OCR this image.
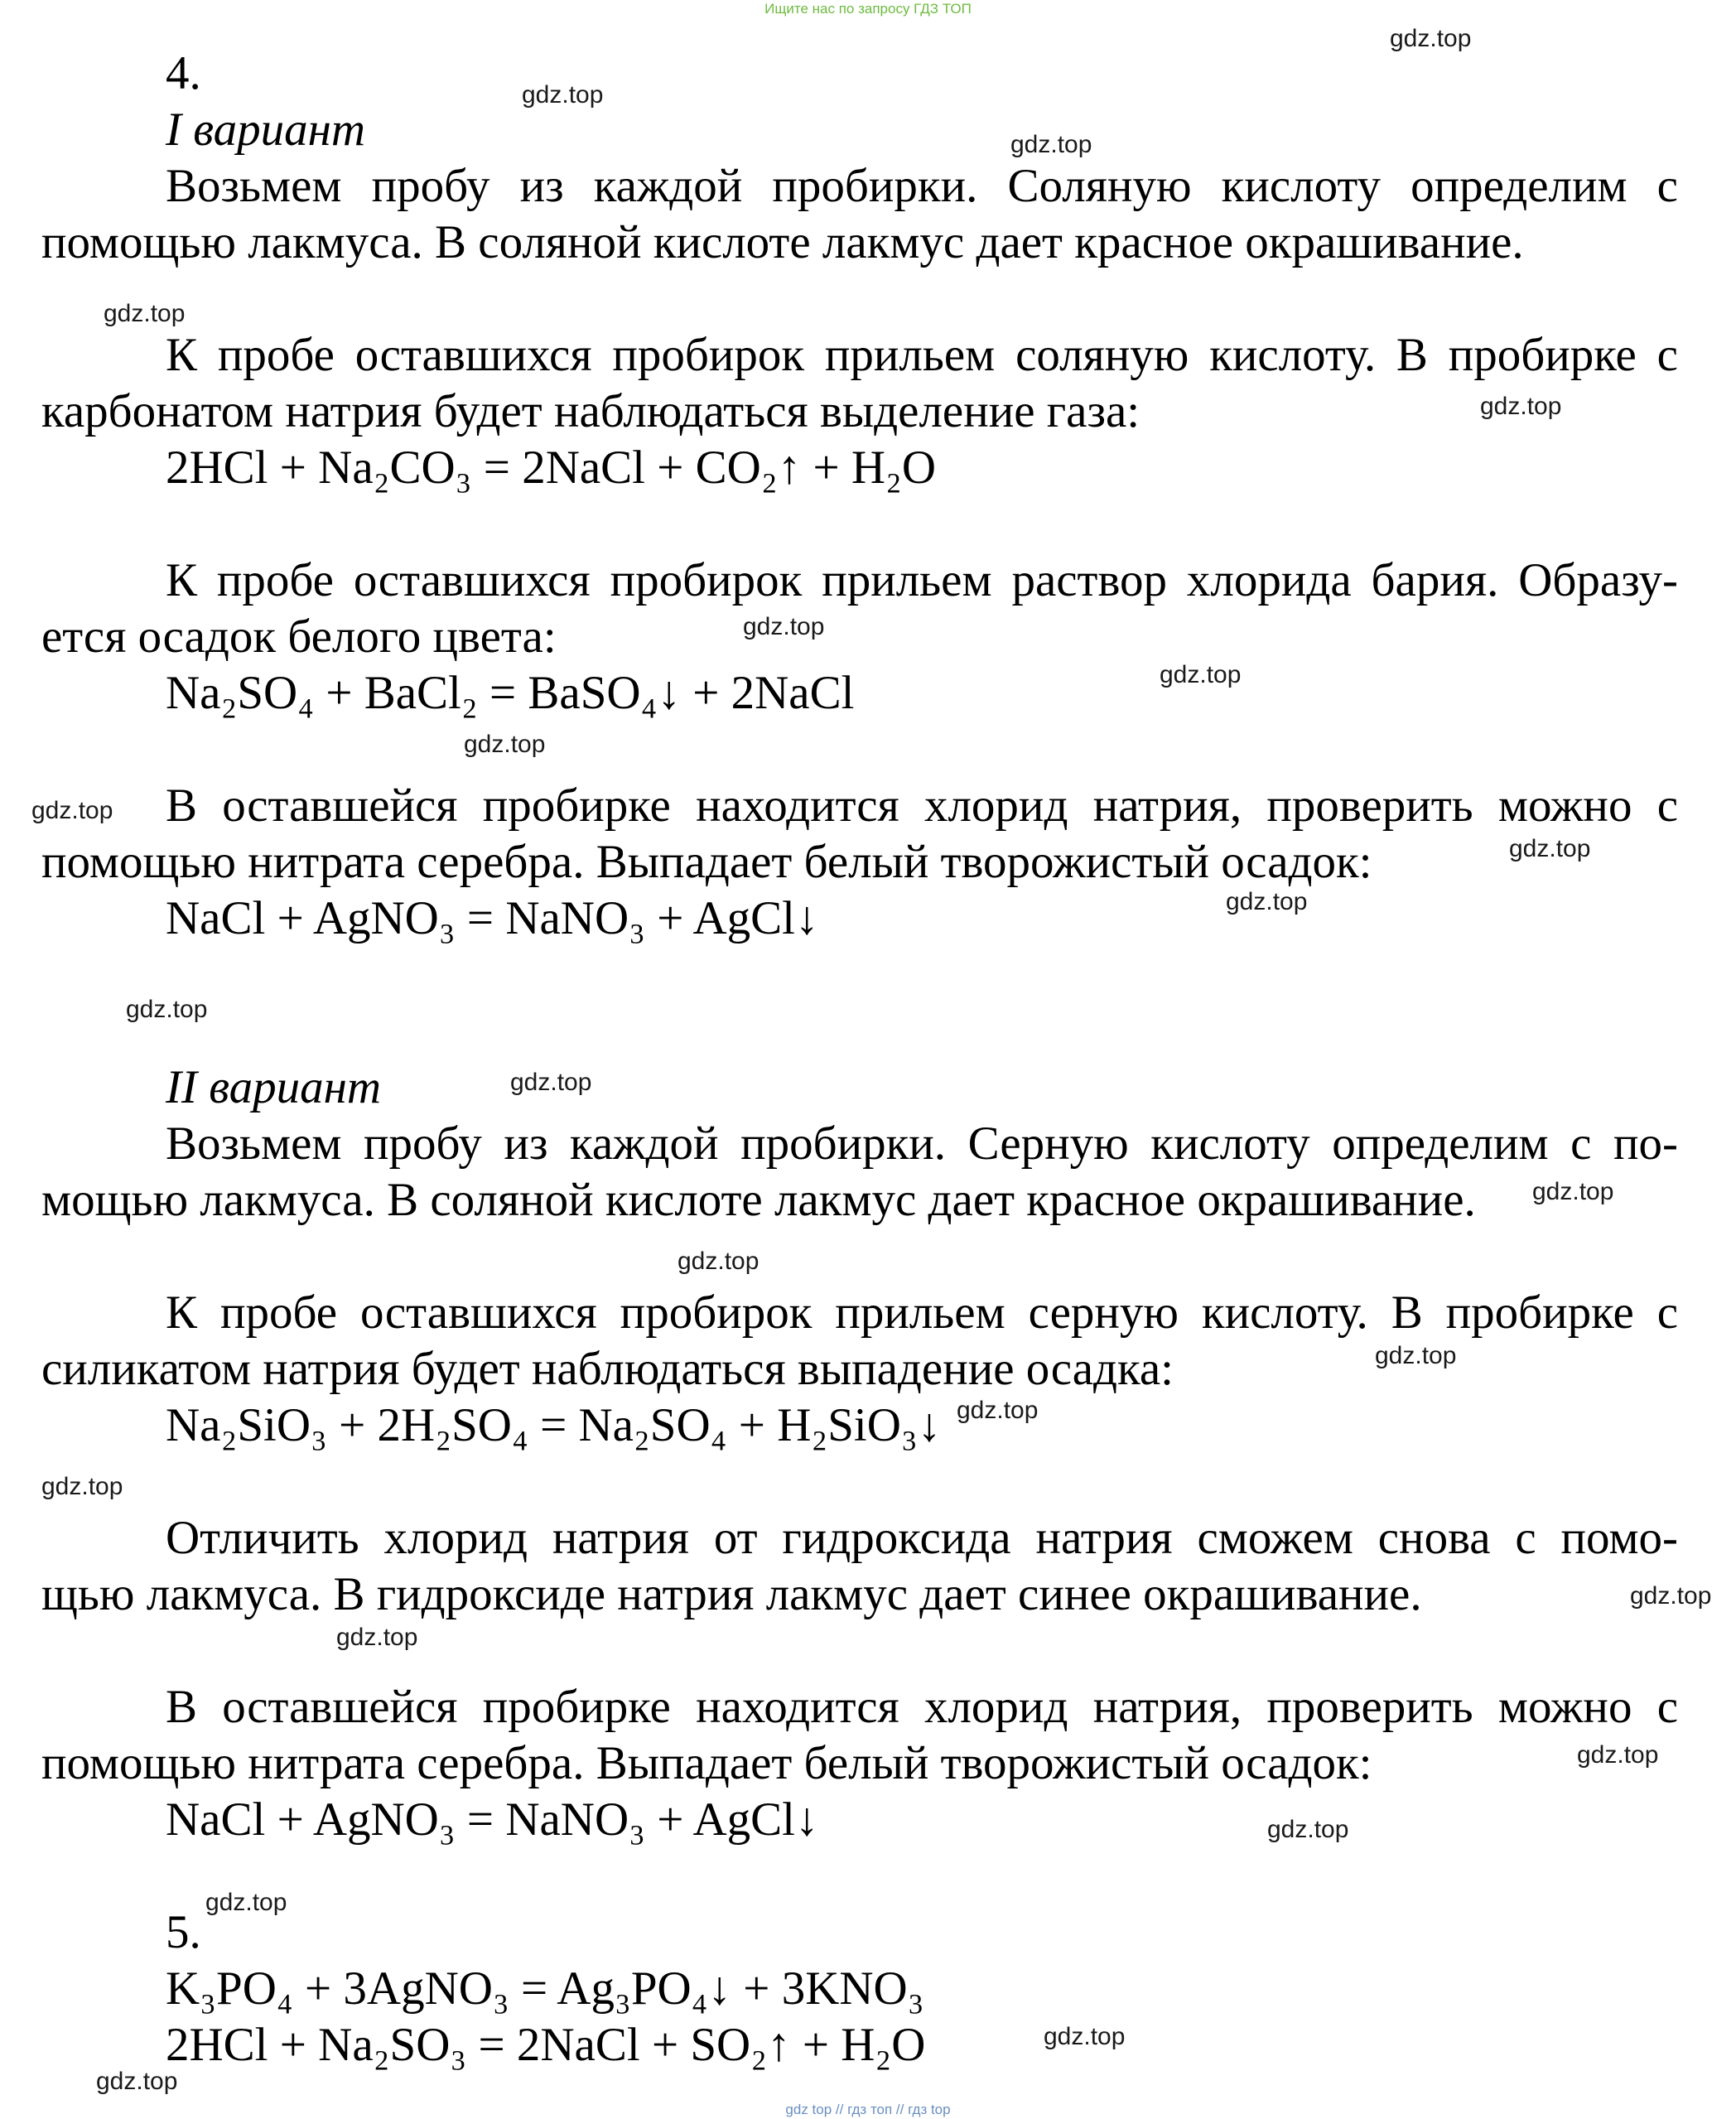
Ищите нас по запросу ГДЗ ТОП
4.
I вариант
Возьмем пробу из каждой пробирки. Соляную кислоту определим с
помощью лакмуса. В соляной кислоте лакмус дает красное окрашивание.
К пробе оставшихся пробирок прильем соляную кислоту. В пробирке с
карбонатом натрия будет наблюдаться выделение газа:
2HCl + Na₂CO₃ = 2NaCl + CO₂↑ + H₂O
К пробе оставшихся пробирок прильем раствор хлорида бария. Образу-
ется осадок белого цвета:
Na₂SO₄ + BaCl₂ = BaSO₄↓ + 2NaCl
В оставшейся пробирке находится хлорид натрия, проверить можно с
помощью нитрата серебра. Выпадает белый творожистый осадок:
NaCl + AgNO₃ = NaNO₃ + AgCl↓
II вариант
Возьмем пробу из каждой пробирки. Серную кислоту определим с по-
мощью лакмуса. В соляной кислоте лакмус дает красное окрашивание.
К пробе оставшихся пробирок прильем серную кислоту. В пробирке с
силикатом натрия будет наблюдаться выпадение осадка:
Na₂SiO₃ + 2H₂SO₄ = Na₂SO₄ + H₂SiO₃↓
Отличить хлорид натрия от гидроксида натрия сможем снова с помо-
щью лакмуса. В гидроксиде натрия лакмус дает синее окрашивание.
В оставшейся пробирке находится хлорид натрия, проверить можно с
помощью нитрата серебра. Выпадает белый творожистый осадок:
NaCl + AgNO₃ = NaNO₃ + AgCl↓
5.
K₃PO₄ + 3AgNO₃ = Ag₃PO₄↓ + 3KNO₃
2HCl + Na₂SO₃ = 2NaCl + SO₂↑ + H₂O
gdz.top
gdz.top
gdz.top
gdz.top
gdz.top
gdz.top
gdz.top
gdz.top
gdz.top
gdz.top
gdz.top
gdz.top
gdz.top
gdz.top
gdz.top
gdz.top
gdz.top
gdz.top
gdz.top
gdz.top
gdz.top
gdz.top
gdz.top
gdz.top
gdz.top
gdz top // гдз топ // гдз top
